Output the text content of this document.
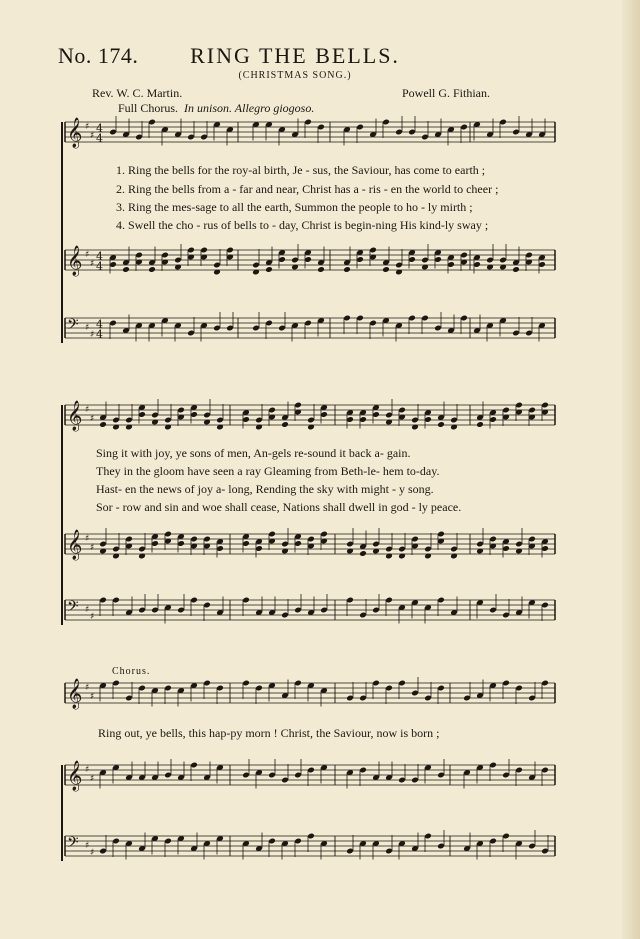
No. 174.	RING THE BELLS.
(CHRISTMAS SONG.)
Rev. W. C. Martin.	Powell G. Fithian.
Full Chorus. In unison. Allegro giogoso.
1. Ring the bells for the roy-al birth, Je - sus, the Saviour, has come to earth ;
2. Ring the bells from a - far and near, Christ has a - ris - en the world to cheer ;
3. Ring the mes-sage to all the earth, Summon the people to ho - ly mirth ;
4. Swell the cho - rus of bells to - day, Christ is begin-ning His kind-ly sway ;
Sing it with joy, ye sons of men, An-gels re-sound it back a- gain.
They in the gloom have seen a ray Gleaming from Beth-le- hem to-day.
Hast- en the news of joy a- long, Rending the sky with might - y song.
Sor - row and sin and woe shall cease, Nations shall dwell in god - ly peace.
Chorus.
Ring out, ye bells, this hap-py morn ! Christ, the Saviour, now is born ;
𝄞 ♯
♯
4
4
𝄞 ♯
♯
4
4
𝄢 ♯
♯
4
4
𝄞 ♯
♯
𝄞 ♯
♯
𝄢 ♯
♯
𝄞 ♯
♯
𝄞 ♯
♯
𝄢 ♯
♯
